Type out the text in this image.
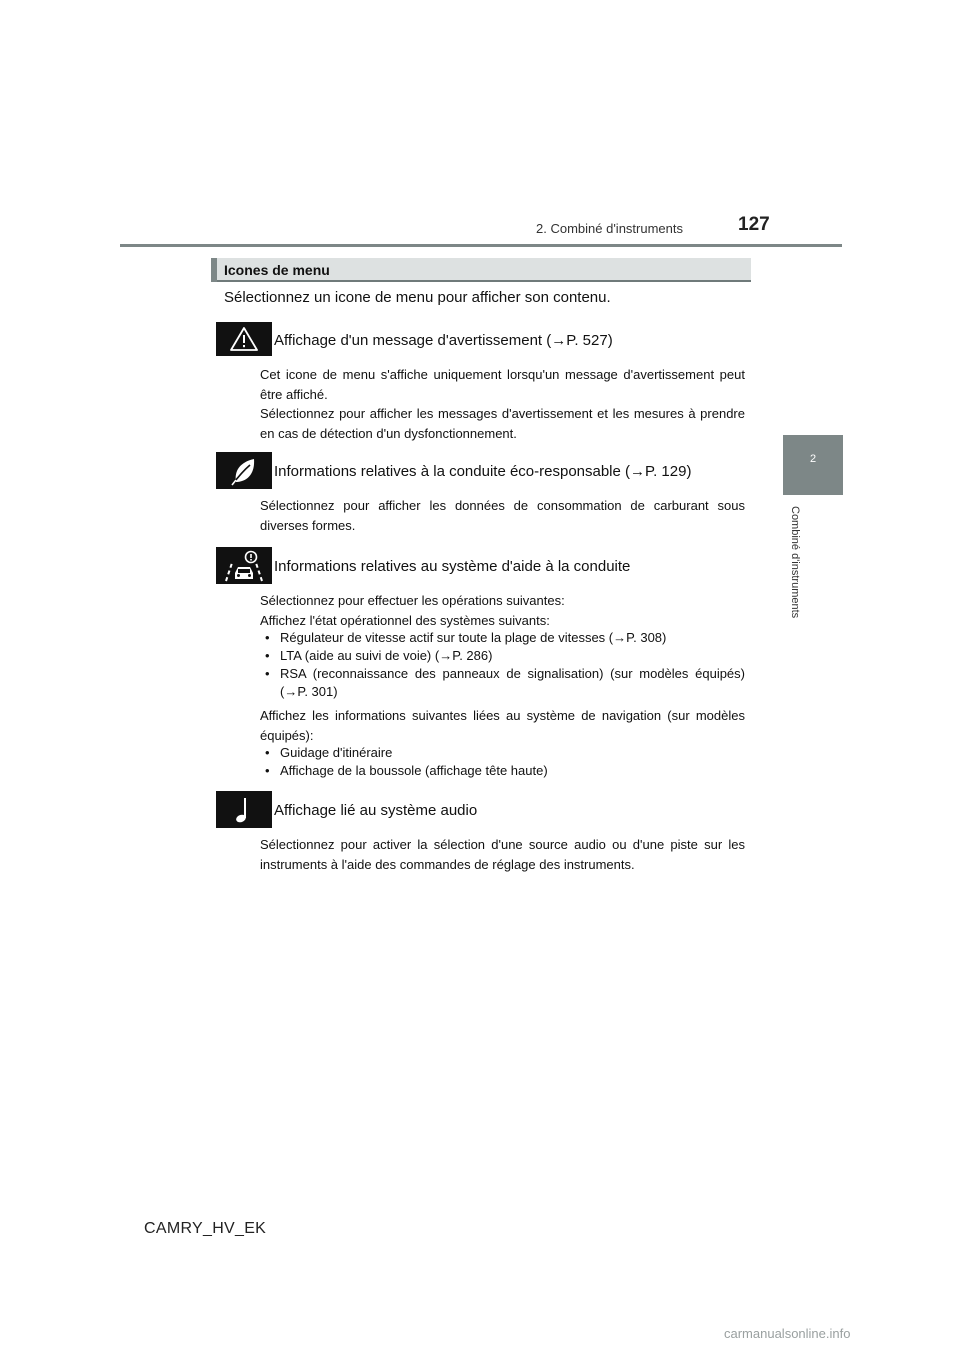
2. Combiné d'instruments	127
2
Combiné d'instruments
Icones de menu
Sélectionnez un icone de menu pour afficher son contenu.
Affichage d'un message d'avertissement (→P. 527)

Cet icone de menu s'affiche uniquement lorsqu'un message d'avertissement peut être affiché.

Sélectionnez pour afficher les messages d'avertissement et les mesures à prendre en cas de détection d'un dysfonctionnement.

Informations relatives à la conduite éco-responsable (→P. 129)

Sélectionnez pour afficher les données de consommation de carburant sous diverses formes.

Informations relatives au système d'aide à la conduite

Sélectionnez pour effectuer les opérations suivantes:

Affichez l'état opérationnel des systèmes suivants:

• Régulateur de vitesse actif sur toute la plage de vitesses (→P. 308)
• LTA (aide au suivi de voie) (→P. 286)
• RSA (reconnaissance des panneaux de signalisation) (sur modèles équipés) (→P. 301)

Affichez les informations suivantes liées au système de navigation (sur modèles équipés):

• Guidage d'itinéraire
• Affichage de la boussole (affichage tête haute)
Affichage lié au système audio

Sélectionnez pour activer la sélection d'une source audio ou d'une piste sur les instruments à l'aide des commandes de réglage des instruments.

CAMRY_HV_EK
carmanualsonline.info
